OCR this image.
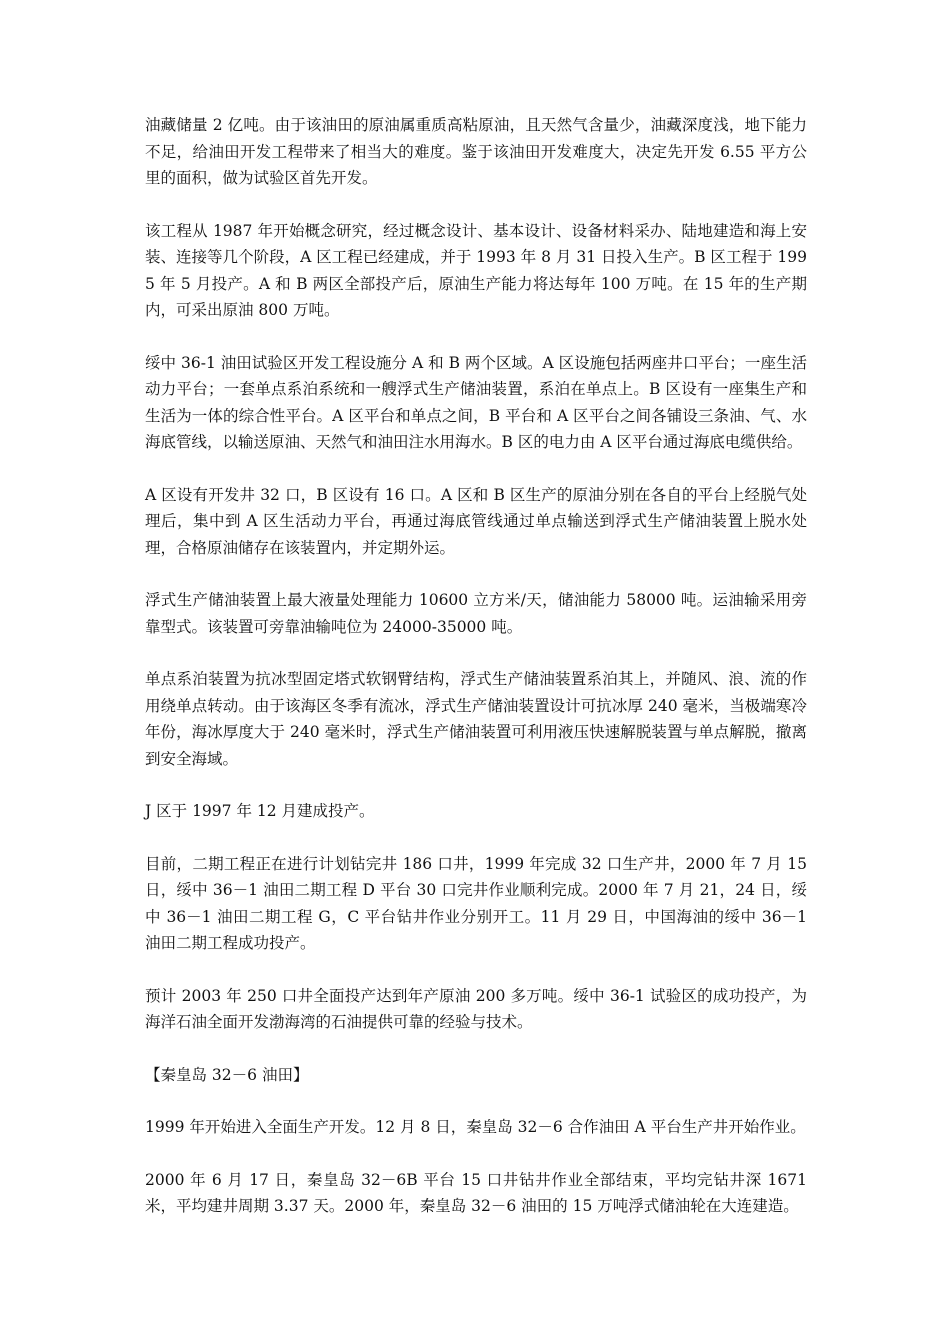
油藏储量 2 亿吨。由于该油田的原油属重质高粘原油，且天然气含量少，油藏深度浅，地下能力不足，给油田开发工程带来了相当大的难度。鉴于该油田开发难度大，决定先开发 6.55 平方公里的面积，做为试验区首先开发。

该工程从 1987 年开始概念研究，经过概念设计、基本设计、设备材料采办、陆地建造和海上安装、连接等几个阶段，A 区工程已经建成，并于 1993 年 8 月 31 日投入生产。B 区工程于 1995 年 5 月投产。A 和 B 两区全部投产后，原油生产能力将达每年 100 万吨。在 15 年的生产期内，可采出原油 800 万吨。

绥中 36-1 油田试验区开发工程设施分 A 和 B 两个区域。A 区设施包括两座井口平台；一座生活动力平台；一套单点系泊系统和一艘浮式生产储油装置，系泊在单点上。B 区设有一座集生产和生活为一体的综合性平台。A 区平台和单点之间，B 平台和 A 区平台之间各铺设三条油、气、水海底管线，以输送原油、天然气和油田注水用海水。B 区的电力由 A 区平台通过海底电缆供给。

A 区设有开发井 32 口，B 区设有 16 口。A 区和 B 区生产的原油分别在各自的平台上经脱气处理后，集中到 A 区生活动力平台，再通过海底管线通过单点输送到浮式生产储油装置上脱水处理，合格原油储存在该装置内，并定期外运。

浮式生产储油装置上最大液量处理能力 10600 立方米/天，储油能力 58000 吨。运油输采用旁靠型式。该装置可旁靠油输吨位为 24000-35000 吨。

单点系泊装置为抗冰型固定塔式软钢臂结构，浮式生产储油装置系泊其上，并随风、浪、流的作用绕单点转动。由于该海区冬季有流冰，浮式生产储油装置设计可抗冰厚 240 毫米，当极端寒冷年份，海冰厚度大于 240 毫米时，浮式生产储油装置可利用液压快速解脱装置与单点解脱，撤离到安全海域。

J 区于 1997 年 12 月建成投产。

目前，二期工程正在进行计划钻完井 186 口井，1999 年完成 32 口生产井，2000 年 7 月 15 日，绥中 36－1 油田二期工程 D 平台 30 口完井作业顺利完成。2000 年 7 月 21，24 日，绥中 36－1 油田二期工程 G，C 平台钻井作业分别开工。11 月 29 日，中国海油的绥中 36－1 油田二期工程成功投产。

预计 2003 年 250 口井全面投产达到年产原油 200 多万吨。绥中 36-1 试验区的成功投产，为海洋石油全面开发渤海湾的石油提供可靠的经验与技术。

【秦皇岛 32－6 油田】

1999 年开始进入全面生产开发。12 月 8 日，秦皇岛 32－6 合作油田 A 平台生产井开始作业。

2000 年 6 月 17 日，秦皇岛 32－6B 平台 15 口井钻井作业全部结束，平均完钻井深 1671 米，平均建井周期 3.37 天。2000 年，秦皇岛 32－6 油田的 15 万吨浮式储油轮在大连建造。
